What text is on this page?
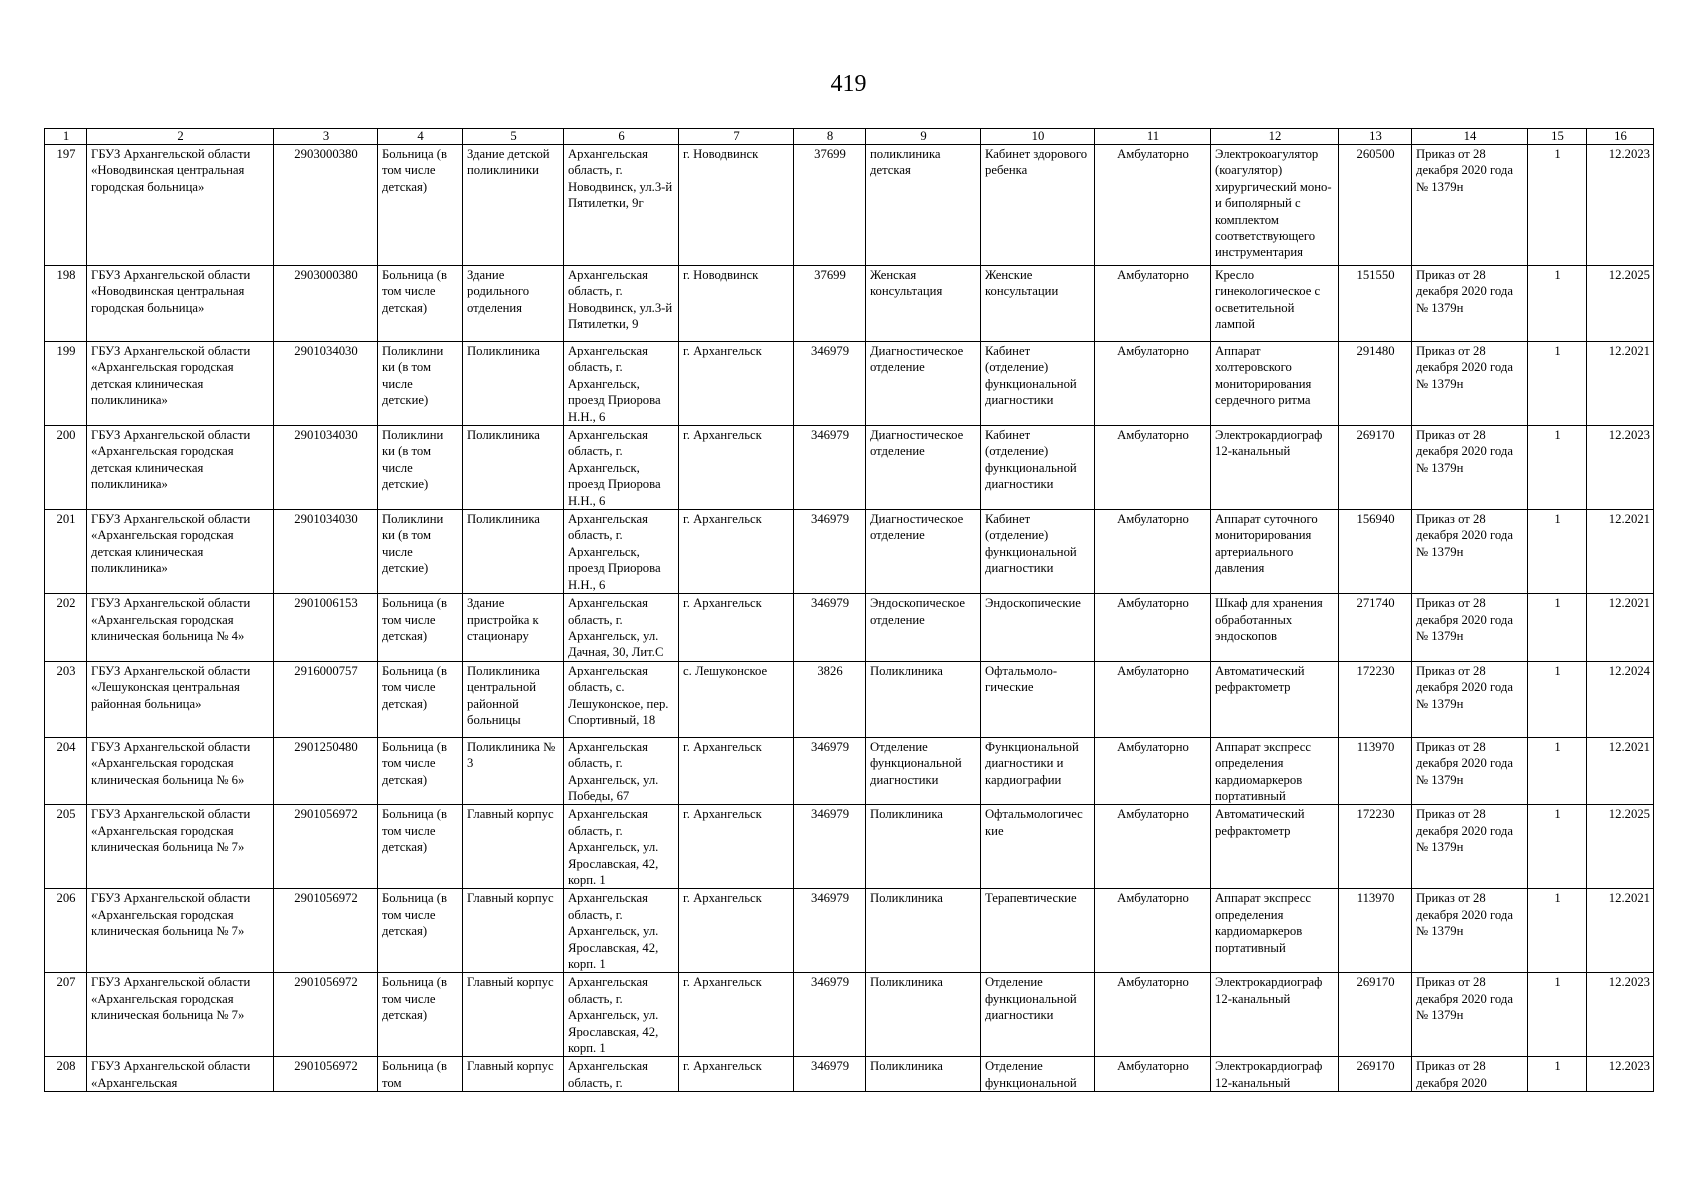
419
1	2	3	4	5	6	7	8	9	10	11	12	13	14	15	16
197	ГБУЗ Архангельской области «Новодвинская центральная городская больница»	2903000380	Больница (в том числе детская)	Здание детской поликлиники	Архангельская область, г. Новодвинск, ул.3-й Пятилетки, 9г	г. Новодвинск	37699	поликлиника детская	Кабинет здорового ребенка	Амбулаторно	Электрокоагулятор (коагулятор) хирургический моно- и биполярный с комплектом соответствующего инструментария	260500	Приказ от 28 декабря 2020 года № 1379н	1	12.2023
198	ГБУЗ Архангельской области «Новодвинская центральная городская больница»	2903000380	Больница (в том числе детская)	Здание родильного отделения	Архангельская область, г. Новодвинск, ул.3-й Пятилетки, 9	г. Новодвинск	37699	Женская консультация	Женские консультации	Амбулаторно	Кресло гинекологическое с осветительной лампой	151550	Приказ от 28 декабря 2020 года № 1379н	1	12.2025
199	ГБУЗ Архангельской области «Архангельская городская детская клиническая поликлиника»	2901034030	Поликлини ки (в том числе детские)	Поликлиника	Архангельская область, г. Архангельск, проезд Приорова Н.Н., 6	г. Архангельск	346979	Диагностическое отделение	Кабинет (отделение) функциональной диагностики	Амбулаторно	Аппарат холтеровского мониторирования сердечного ритма	291480	Приказ от 28 декабря 2020 года № 1379н	1	12.2021
200	ГБУЗ Архангельской области «Архангельская городская детская клиническая поликлиника»	2901034030	Поликлини ки (в том числе детские)	Поликлиника	Архангельская область, г. Архангельск, проезд Приорова Н.Н., 6	г. Архангельск	346979	Диагностическое отделение	Кабинет (отделение) функциональной диагностики	Амбулаторно	Электрокардиограф 12-канальный	269170	Приказ от 28 декабря 2020 года № 1379н	1	12.2023
201	ГБУЗ Архангельской области «Архангельская городская детская клиническая поликлиника»	2901034030	Поликлини ки (в том числе детские)	Поликлиника	Архангельская область, г. Архангельск, проезд Приорова Н.Н., 6	г. Архангельск	346979	Диагностическое отделение	Кабинет (отделение) функциональной диагностики	Амбулаторно	Аппарат суточного мониторирования артериального давления	156940	Приказ от 28 декабря 2020 года № 1379н	1	12.2021
202	ГБУЗ Архангельской области «Архангельская городская клиническая больница № 4»	2901006153	Больница (в том числе детская)	Здание пристройка к стационару	Архангельская область, г. Архангельск, ул. Дачная, 30, Лит.С	г. Архангельск	346979	Эндоскопическое отделение	Эндоскопические	Амбулаторно	Шкаф для хранения обработанных эндоскопов	271740	Приказ от 28 декабря 2020 года № 1379н	1	12.2021
203	ГБУЗ Архангельской области «Лешуконская центральная районная больница»	2916000757	Больница (в том числе детская)	Поликлиника центральной районной больницы	Архангельская область, с. Лешуконское, пер. Спортивный, 18	с. Лешуконское	3826	Поликлиника	Офтальмоло-гические	Амбулаторно	Автоматический рефрактометр	172230	Приказ от 28 декабря 2020 года № 1379н	1	12.2024
204	ГБУЗ Архангельской области «Архангельская городская клиническая больница № 6»	2901250480	Больница (в том числе детская)	Поликлиника № 3	Архангельская область, г. Архангельск, ул. Победы, 67	г. Архангельск	346979	Отделение функциональной диагностики	Функциональной диагностики и кардиографии	Амбулаторно	Аппарат экспресс определения кардиомаркеров портативный	113970	Приказ от 28 декабря 2020 года № 1379н	1	12.2021
205	ГБУЗ Архангельской области «Архангельская городская клиническая больница № 7»	2901056972	Больница (в том числе детская)	Главный корпус	Архангельская область, г. Архангельск, ул. Ярославская, 42, корп. 1	г. Архангельск	346979	Поликлиника	Офтальмологичес кие	Амбулаторно	Автоматический рефрактометр	172230	Приказ от 28 декабря 2020 года № 1379н	1	12.2025
206	ГБУЗ Архангельской области «Архангельская городская клиническая больница № 7»	2901056972	Больница (в том числе детская)	Главный корпус	Архангельская область, г. Архангельск, ул. Ярославская, 42, корп. 1	г. Архангельск	346979	Поликлиника	Терапевтические	Амбулаторно	Аппарат экспресс определения кардиомаркеров портативный	113970	Приказ от 28 декабря 2020 года № 1379н	1	12.2021
207	ГБУЗ Архангельской области «Архангельская городская клиническая больница № 7»	2901056972	Больница (в том числе детская)	Главный корпус	Архангельская область, г. Архангельск, ул. Ярославская, 42, корп. 1	г. Архангельск	346979	Поликлиника	Отделение функциональной диагностики	Амбулаторно	Электрокардиограф 12-канальный	269170	Приказ от 28 декабря 2020 года № 1379н	1	12.2023
208	ГБУЗ Архангельской области «Архангельская	2901056972	Больница (в том	Главный корпус	Архангельская область, г.	г. Архангельск	346979	Поликлиника	Отделение функциональной	Амбулаторно	Электрокардиограф 12-канальный	269170	Приказ от 28 декабря 2020	1	12.2023
